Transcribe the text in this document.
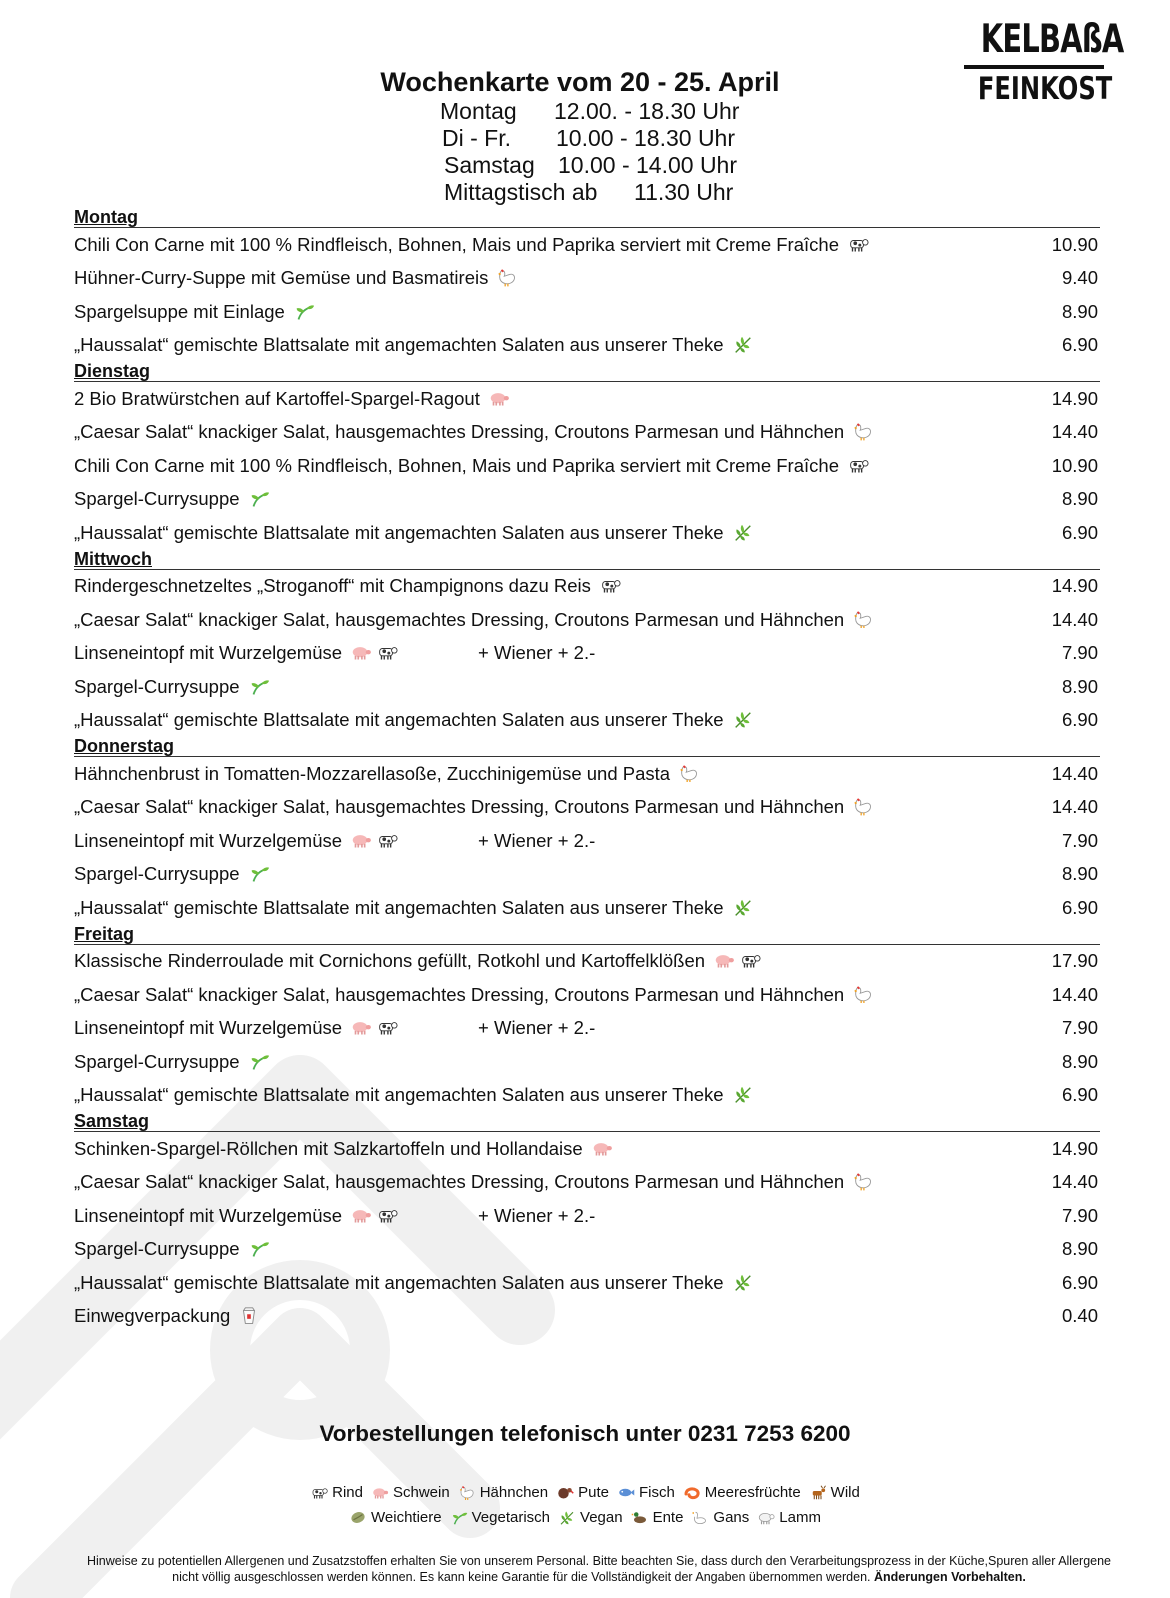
KELBAßA
FEINKOST
Wochenkarte vom 20 - 25. April
Montag	12.00. - 18.30 Uhr
Di - Fr.	10.00 - 18.30 Uhr
Samstag	10.00 - 14.00 Uhr
Mittagstisch ab	11.30 Uhr
Montag
Chili Con Carne mit 100 % Rindfleisch, Bohnen, Mais und Paprika serviert mit Creme Fraîche	10.90
Hühner-Curry-Suppe mit Gemüse und Basmatireis	9.40
Spargelsuppe mit Einlage	8.90
„Haussalat“ gemischte Blattsalate mit angemachten Salaten aus unserer Theke	6.90
Dienstag
2 Bio Bratwürstchen auf Kartoffel-Spargel-Ragout	14.90
„Caesar Salat“ knackiger Salat, hausgemachtes Dressing, Croutons Parmesan und Hähnchen	14.40
Chili Con Carne mit 100 % Rindfleisch, Bohnen, Mais und Paprika serviert mit Creme Fraîche	10.90
Spargel-Currysuppe	8.90
„Haussalat“ gemischte Blattsalate mit angemachten Salaten aus unserer Theke	6.90
Mittwoch
Rindergeschnetzeltes „Stroganoff“ mit Champignons dazu Reis	14.90
„Caesar Salat“ knackiger Salat, hausgemachtes Dressing, Croutons Parmesan und Hähnchen	14.40
Linseneintopf mit Wurzelgemüse	+ Wiener + 2.-	7.90
Spargel-Currysuppe	8.90
„Haussalat“ gemischte Blattsalate mit angemachten Salaten aus unserer Theke	6.90
Donnerstag
Hähnchenbrust in Tomatten-Mozzarellasoße, Zucchinigemüse und Pasta	14.40
„Caesar Salat“ knackiger Salat, hausgemachtes Dressing, Croutons Parmesan und Hähnchen	14.40
Linseneintopf mit Wurzelgemüse	+ Wiener + 2.-	7.90
Spargel-Currysuppe	8.90
„Haussalat“ gemischte Blattsalate mit angemachten Salaten aus unserer Theke	6.90
Freitag
Klassische Rinderroulade mit Cornichons gefüllt, Rotkohl und Kartoffelklößen	17.90
„Caesar Salat“ knackiger Salat, hausgemachtes Dressing, Croutons Parmesan und Hähnchen	14.40
Linseneintopf mit Wurzelgemüse	+ Wiener + 2.-	7.90
Spargel-Currysuppe	8.90
„Haussalat“ gemischte Blattsalate mit angemachten Salaten aus unserer Theke	6.90
Samstag
Schinken-Spargel-Röllchen mit Salzkartoffeln und Hollandaise	14.90
„Caesar Salat“ knackiger Salat, hausgemachtes Dressing, Croutons Parmesan und Hähnchen	14.40
Linseneintopf mit Wurzelgemüse	+ Wiener + 2.-	7.90
Spargel-Currysuppe	8.90
„Haussalat“ gemischte Blattsalate mit angemachten Salaten aus unserer Theke	6.90
Einwegverpackung	0.40
Vorbestellungen telefonisch unter 0231 7253 6200
Rind Schwein Hähnchen Pute Fisch Meeresfrüchte Wild
Weichtiere Vegetarisch Vegan Ente Gans Lamm
Hinweise zu potentiellen Allergenen und Zusatzstoffen erhalten Sie von unserem Personal. Bitte beachten Sie, dass durch den Verarbeitungsprozess in der Küche,Spuren aller Allergene nicht völlig ausgeschlossen werden können. Es kann keine Garantie für die Vollständigkeit der Angaben übernommen werden. Änderungen Vorbehalten.
